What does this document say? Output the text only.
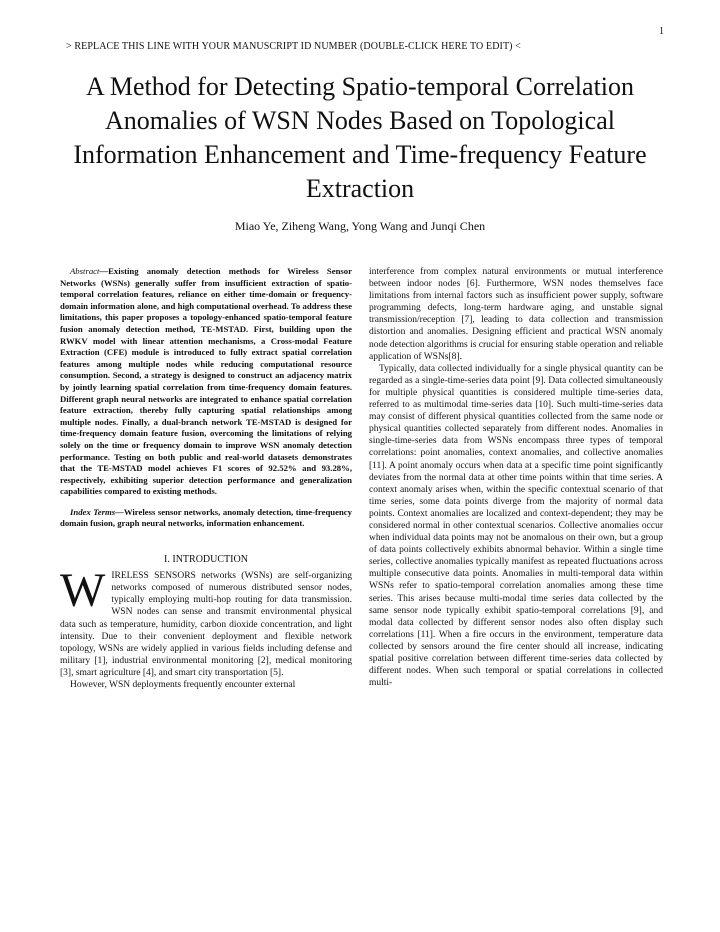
1
> REPLACE THIS LINE WITH YOUR MANUSCRIPT ID NUMBER (DOUBLE-CLICK HERE TO EDIT) <
A Method for Detecting Spatio-temporal Correlation Anomalies of WSN Nodes Based on Topological Information Enhancement and Time-frequency Feature Extraction
Miao Ye, Ziheng Wang, Yong Wang and Junqi Chen

Abstract—Existing anomaly detection methods for Wireless Sensor Networks (WSNs) generally suffer from insufficient extraction of spatio-temporal correlation features, reliance on either time-domain or frequency-domain information alone, and high computational overhead. To address these limitations, this paper proposes a topology-enhanced spatio-temporal feature fusion anomaly detection method, TE-MSTAD. First, building upon the RWKV model with linear attention mechanisms, a Cross-modal Feature Extraction (CFE) module is introduced to fully extract spatial correlation features among multiple nodes while reducing computational resource consumption. Second, a strategy is designed to construct an adjacency matrix by jointly learning spatial correlation from time-frequency domain features. Different graph neural networks are integrated to enhance spatial correlation feature extraction, thereby fully capturing spatial relationships among multiple nodes. Finally, a dual-branch network TE-MSTAD is designed for time-frequency domain feature fusion, overcoming the limitations of relying solely on the time or frequency domain to improve WSN anomaly detection performance. Testing on both public and real-world datasets demonstrates that the TE-MSTAD model achieves F1 scores of 92.52% and 93.28%, respectively, exhibiting superior detection performance and generalization capabilities compared to existing methods.

Index Terms—Wireless sensor networks, anomaly detection, time-frequency domain fusion, graph neural networks, information enhancement.

I. INTRODUCTION

WIRELESS SENSORS networks (WSNs) are self-organizing networks composed of numerous distributed sensor nodes, typically employing multi-hop routing for data transmission. WSN nodes can sense and transmit environmental physical data such as temperature, humidity, carbon dioxide concentration, and light intensity. Due to their convenient deployment and flexible network topology, WSNs are widely applied in various fields including defense and military [1], industrial environmental monitoring [2], medical monitoring [3], smart agriculture [4], and smart city transportation [5].

However, WSN deployments frequently encounter external

interference from complex natural environments or mutual interference between indoor nodes [6]. Furthermore, WSN nodes themselves face limitations from internal factors such as insufficient power supply, software programming defects, long-term hardware aging, and unstable signal transmission/reception [7], leading to data collection and transmission distortion and anomalies. Designing efficient and practical WSN anomaly node detection algorithms is crucial for ensuring stable operation and reliable application of WSNs[8].

Typically, data collected individually for a single physical quantity can be regarded as a single-time-series data point [9]. Data collected simultaneously for multiple physical quantities is considered multiple time-series data, referred to as multimodal time-series data [10]. Such multi-time-series data may consist of different physical quantities collected from the same node or physical quantities collected separately from different nodes. Anomalies in single-time-series data from WSNs encompass three types of temporal correlations: point anomalies, context anomalies, and collective anomalies [11]. A point anomaly occurs when data at a specific time point significantly deviates from the normal data at other time points within that time series. A context anomaly arises when, within the specific contextual scenario of that time series, some data points diverge from the majority of normal data points. Context anomalies are localized and context-dependent; they may be considered normal in other contextual scenarios. Collective anomalies occur when individual data points may not be anomalous on their own, but a group of data points collectively exhibits abnormal behavior. Within a single time series, collective anomalies typically manifest as repeated fluctuations across multiple consecutive data points. Anomalies in multi-temporal data within WSNs refer to spatio-temporal correlation anomalies among these time series. This arises because multi-modal time series data collected by the same sensor node typically exhibit spatio-temporal correlations [9], and modal data collected by different sensor nodes also often display such correlations [11]. When a fire occurs in the environment, temperature data collected by sensors around the fire center should all increase, indicating spatial positive correlation between different time-series data collected by different nodes. When such temporal or spatial correlations in collected multi-
